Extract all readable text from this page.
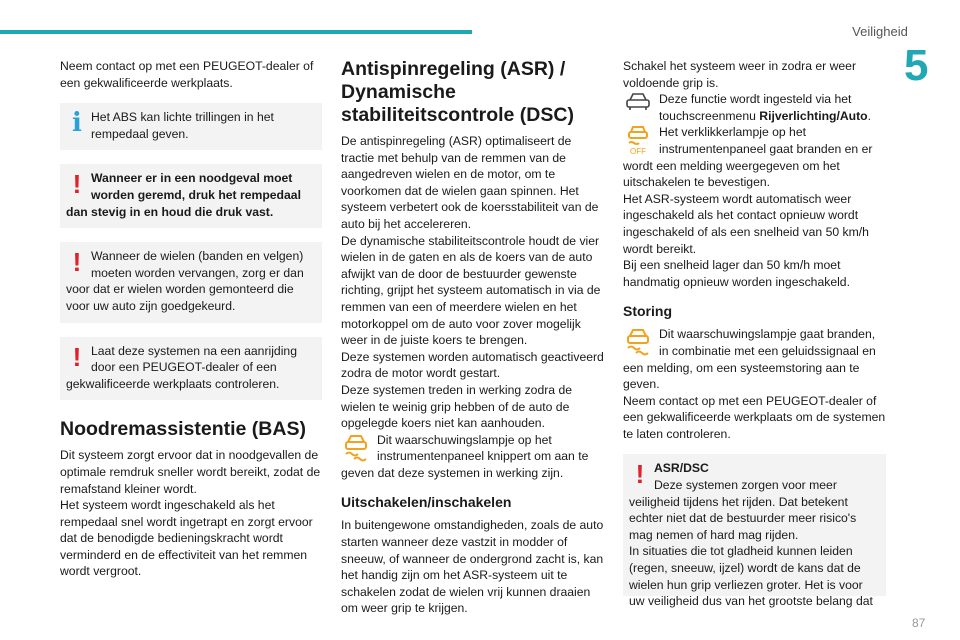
Veiligheid
5
87

Neem contact op met een PEUGEOT-dealer of een gekwalificeerde werkplaats.

i Het ABS kan lichte trillingen in het rempedaal geven.
! Wanneer er in een noodgeval moet worden geremd, druk het rempedaal dan stevig in en houd die druk vast.
! Wanneer de wielen (banden en velgen) moeten worden vervangen, zorg er dan voor dat er wielen worden gemonteerd die voor uw auto zijn goedgekeurd.
! Laat deze systemen na een aanrijding door een PEUGEOT-dealer of een gekwalificeerde werkplaats controleren.
Noodremassistentie (BAS)

Dit systeem zorgt ervoor dat in noodgevallen de optimale remdruk sneller wordt bereikt, zodat de remafstand kleiner wordt.
Het systeem wordt ingeschakeld als het rempedaal snel wordt ingetrapt en zorgt ervoor dat de benodigde bedieningskracht wordt verminderd en de effectiviteit van het remmen wordt vergroot.

Antispinregeling (ASR) / Dynamische stabiliteitscontrole (DSC)

De antispinregeling (ASR) optimaliseert de tractie met behulp van de remmen van de aangedreven wielen en de motor, om te voorkomen dat de wielen gaan spinnen. Het systeem verbetert ook de koersstabiliteit van de auto bij het accelereren.
De dynamische stabiliteitscontrole houdt de vier wielen in de gaten en als de koers van de auto afwijkt van de door de bestuurder gewenste richting, grijpt het systeem automatisch in via de remmen van een of meerdere wielen en het motorkoppel om de auto voor zover mogelijk weer in de juiste koers te brengen.
Deze systemen worden automatisch geactiveerd zodra de motor wordt gestart.
Deze systemen treden in werking zodra de wielen te weinig grip hebben of de auto de opgelegde koers niet kan aanhouden.

Dit waarschuwingslampje op het instrumentenpaneel knippert om aan te geven dat deze systemen in werking zijn.
Uitschakelen/inschakelen

In buitengewone omstandigheden, zoals de auto starten wanneer deze vastzit in modder of sneeuw, of wanneer de ondergrond zacht is, kan het handig zijn om het ASR-systeem uit te schakelen zodat de wielen vrij kunnen draaien om weer grip te krijgen.

Schakel het systeem weer in zodra er weer voldoende grip is.

Deze functie wordt ingesteld via het touchscreenmenu Rijverlichting/Auto.
OFF
Het verklikkerlampje op het instrumentenpaneel gaat branden en er wordt een melding weergegeven om het uitschakelen te bevestigen.

Het ASR-systeem wordt automatisch weer ingeschakeld als het contact opnieuw wordt ingeschakeld of als een snelheid van 50 km/h wordt bereikt.
Bij een snelheid lager dan 50 km/h moet handmatig opnieuw worden ingeschakeld.

Storing
Dit waarschuwingslampje gaat branden, in combinatie met een geluidssignaal en een melding, om een systeemstoring aan te geven.

Neem contact op met een PEUGEOT-dealer of een gekwalificeerde werkplaats om de systemen te laten controleren.

! ASR/DSC
Deze systemen zorgen voor meer veiligheid tijdens het rijden. Dat betekent echter niet dat de bestuurder meer risico's mag nemen of hard mag rijden.
In situaties die tot gladheid kunnen leiden (regen, sneeuw, ijzel) wordt de kans dat de wielen hun grip verliezen groter. Het is voor uw veiligheid dus van het grootste belang dat
